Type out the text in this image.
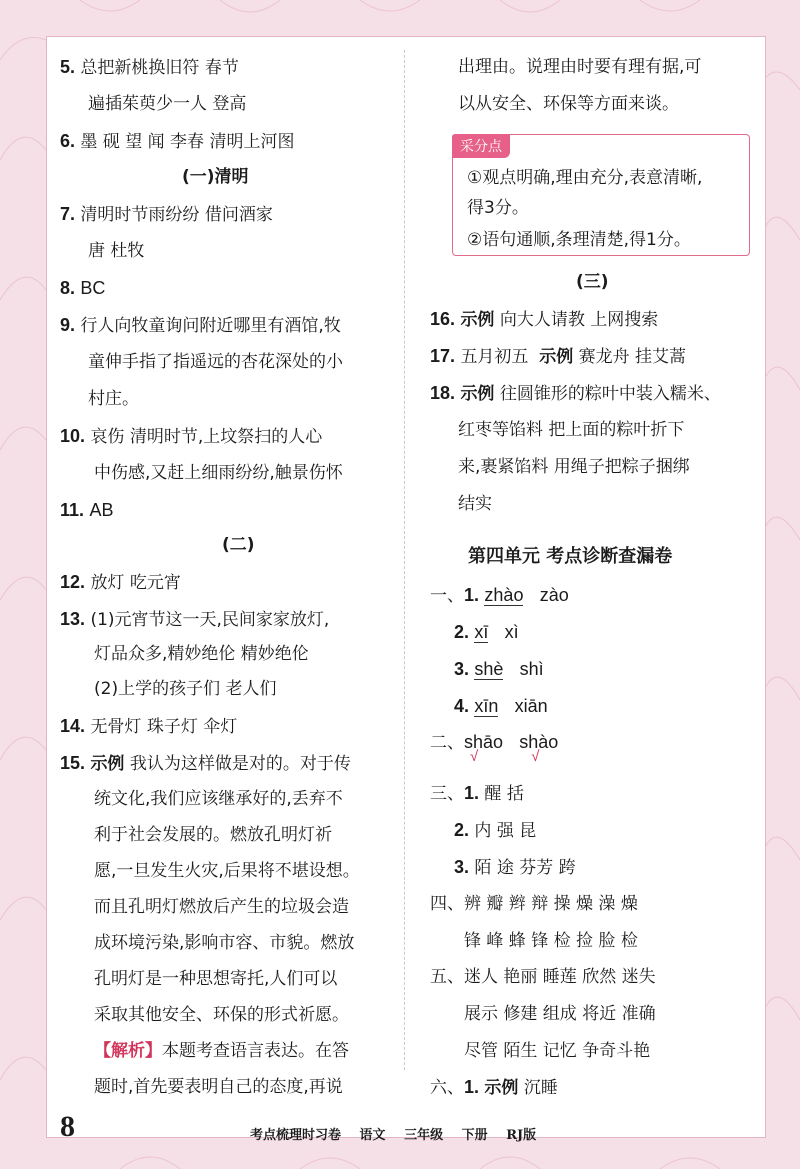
5. 总把新桃换旧符 春节
遍插茱萸少一人 登高
6. 墨 砚 望 闻 李春 清明上河图
(一)清明
7. 清明时节雨纷纷 借问酒家
唐 杜牧
8. BC
9. 行人向牧童询问附近哪里有酒馆,牧
童伸手指了指遥远的杏花深处的小
村庄。
10. 哀伤 清明时节,上坟祭扫的人心
中伤感,又赶上细雨纷纷,触景伤怀
11. AB
(二)
12. 放灯 吃元宵
13. (1)元宵节这一天,民间家家放灯,
灯品众多,精妙绝伦 精妙绝伦
(2)上学的孩子们 老人们
14. 无骨灯 珠子灯 伞灯
15. 示例 我认为这样做是对的。对于传
统文化,我们应该继承好的,丢弃不
利于社会发展的。燃放孔明灯祈
愿,一旦发生火灾,后果将不堪设想。
而且孔明灯燃放后产生的垃圾会造
成环境污染,影响市容、市貌。燃放
孔明灯是一种思想寄托,人们可以
采取其他安全、环保的形式祈愿。
【解析】本题考查语言表达。在答
题时,首先要表明自己的态度,再说
出理由。说理由时要有理有据,可
以从安全、环保等方面来谈。
采分点
①观点明确,理由充分,表意清晰,
得3分。
②语句通顺,条理清楚,得1分。
(三)
16. 示例 向大人请教 上网搜索
17. 五月初五 示例 赛龙舟 挂艾蒿
18. 示例 往圆锥形的粽叶中装入糯米、
红枣等馅料 把上面的粽叶折下
来,裹紧馅料 用绳子把粽子捆绑
结实
第四单元 考点诊断查漏卷
一、1. zhào zào
2. xī xì
3. shè shì
4. xīn xiān
二、shāo
√
shào
√
三、1. 醒 括
2. 内 强 昆
3. 陌 途 芬芳 跨
四、辨 瓣 辫 辩 操 燥 澡 燥
锋 峰 蜂 锋 检 捡 脸 检
五、迷人 艳丽 睡莲 欣然 迷失
展示 修建 组成 将近 准确
尽管 陌生 记忆 争奇斗艳
六、1. 示例 沉睡
8	考点梳理时习卷 语文 三年级 下册 RJ版
